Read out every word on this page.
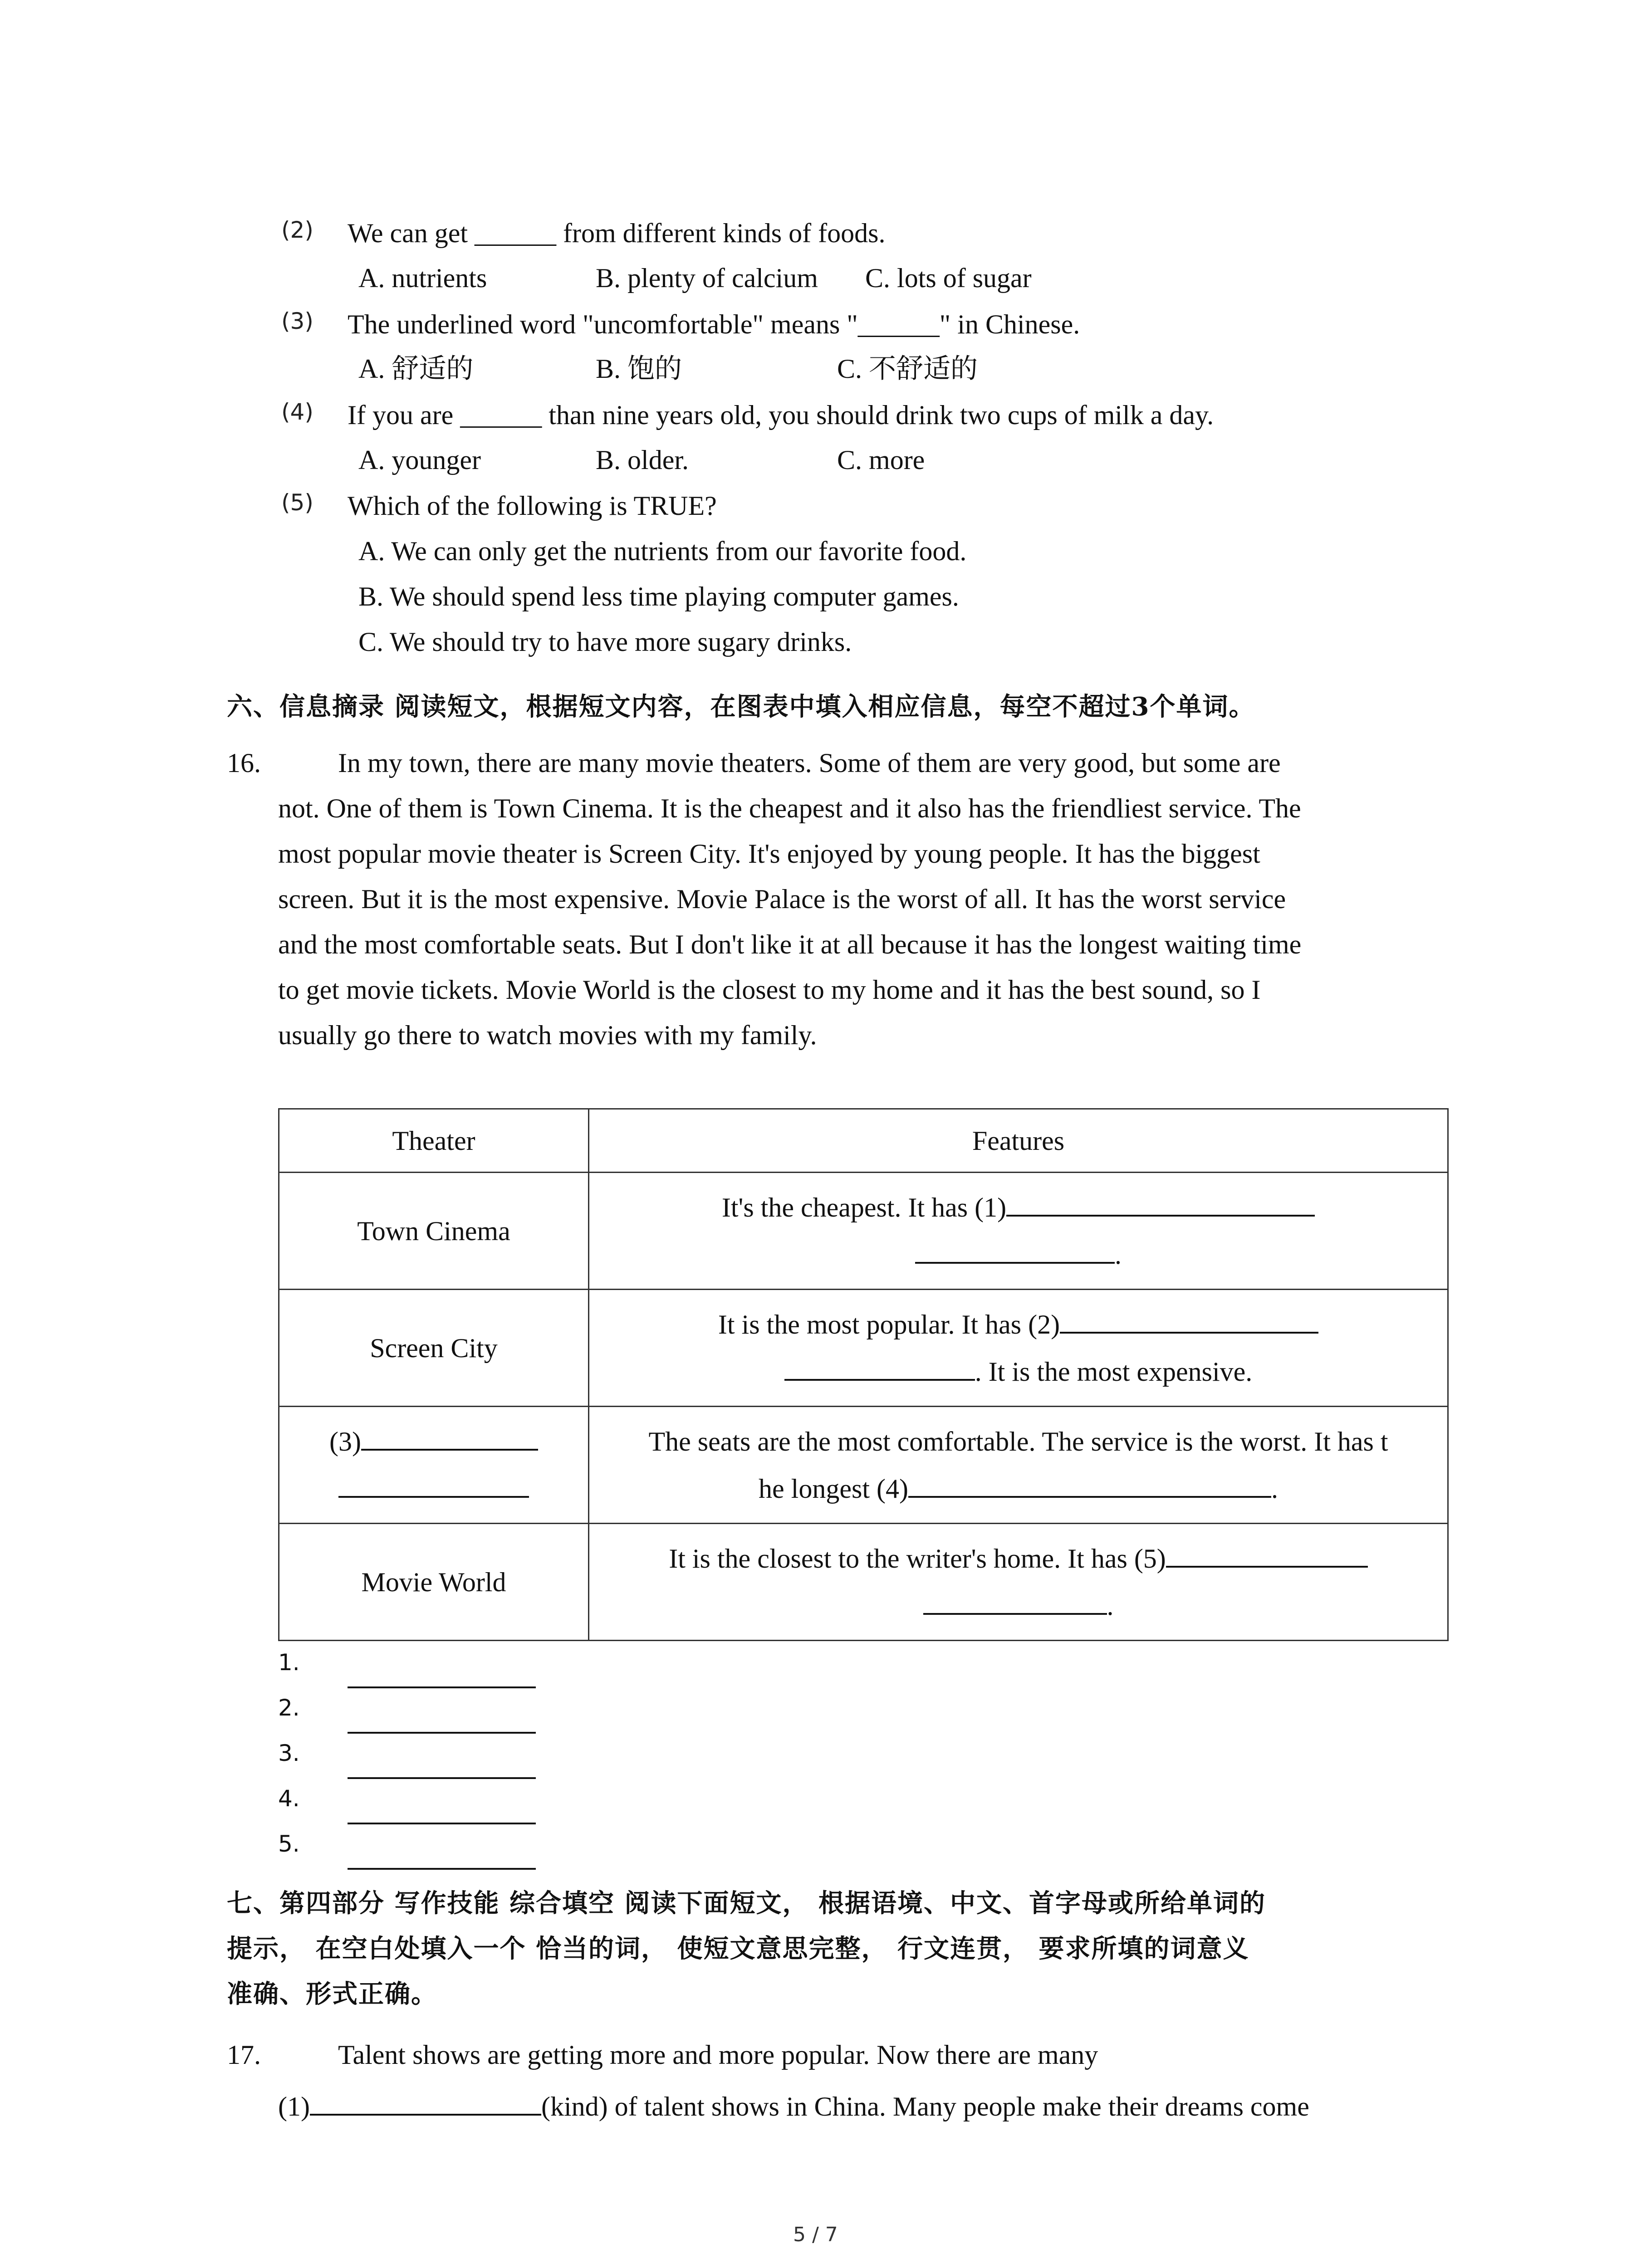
(2) We can get ______ from different kinds of foods.
A. nutrients	B. plenty of calcium C. lots of sugar
(3) The underlined word "uncomfortable" means "______" in Chinese.
A. 舒适的	B. 饱的	C. 不舒适的
(4) If you are ______ than nine years old, you should drink two cups of milk a day.
A. younger	B. older.	C. more
(5) Which of the following is TRUE?
A. We can only get the nutrients from our favorite food.
B. We should spend less time playing computer games.
C. We should try to have more sugary drinks.
六、信息摘录 阅读短文，根据短文内容，在图表中填入相应信息，每空不超过3个单词。
16.	In my town, there are many movie theaters. Some of them are very good, but some are
not. One of them is Town Cinema. It is the cheapest and it also has the friendliest service. The
most popular movie theater is Screen City. It's enjoyed by young people. It has the biggest
screen. But it is the most expensive. Movie Palace is the worst of all. It has the worst service
and the most comfortable seats. But I don't like it at all because it has the longest waiting time
to get movie tickets. Movie World is the closest to my home and it has the best sound, so I
usually go there to watch movies with my family.
Theater	Features
Town Cinema	It's the cheapest. It has (1)
.

Screen City	It is the most popular. It has (2)
. It is the most expensive.

(3)	The seats are the most comfortable. The service is the worst. It has t
he longest (4) .

Movie World	It is the closest to the writer's home. It has (5)
.
1.
2.
3.
4.
5.
七、第四部分 写作技能 综合填空 阅读下面短文， 根据语境、中文、首字母或所给单词的
提示， 在空白处填入一个 恰当的词， 使短文意思完整， 行文连贯， 要求所填的词意义
准确、形式正确。
17.	Talent shows are getting more and more popular. Now there are many
(1)	(kind) of talent shows in China. Many people make their dreams come
5 / 7
